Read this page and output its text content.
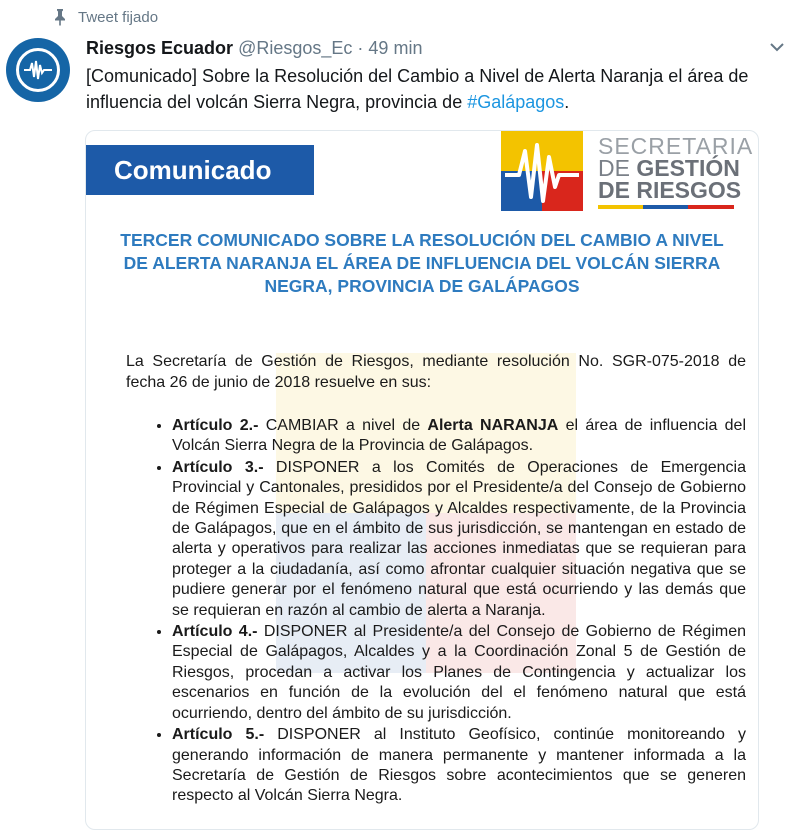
Tweet fijado
Riesgos Ecuador @Riesgos_Ec · 49 min
[Comunicado] Sobre la Resolución del Cambio a Nivel de Alerta Naranja el área de influencia del volcán Sierra Negra, provincia de #Galápagos.
Comunicado
SECRETARIA
DE GESTIÓN
DE RIESGOS
TERCER COMUNICADO SOBRE LA RESOLUCIÓN DEL CAMBIO A NIVEL DE ALERTA NARANJA EL ÁREA DE INFLUENCIA DEL VOLCÁN SIERRA NEGRA, PROVINCIA DE GALÁPAGOS
La Secretaría de Gestión de Riesgos, mediante resolución No. SGR-075-2018 de fecha 26 de junio de 2018 resuelve en sus:
• Artículo 2.- CAMBIAR a nivel de Alerta NARANJA el área de influencia del Volcán Sierra Negra de la Provincia de Galápagos.
• Artículo 3.- DISPONER a los Comités de Operaciones de Emergencia Provincial y Cantonales, presididos por el Presidente/a del Consejo de Gobierno de Régimen Especial de Galápagos y Alcaldes respectivamente, de la Provincia de Galápagos, que en el ámbito de sus jurisdicción, se mantengan en estado de alerta y operativos para realizar las acciones inmediatas que se requieran para proteger a la ciudadanía, así como afrontar cualquier situación negativa que se pudiere generar por el fenómeno natural que está ocurriendo y las demás que se requieran en razón al cambio de alerta a Naranja.
• Artículo 4.- DISPONER al Presidente/a del Consejo de Gobierno de Régimen Especial de Galápagos, Alcaldes y a la Coordinación Zonal 5 de Gestión de Riesgos, procedan a activar los Planes de Contingencia y actualizar los escenarios en función de la evolución del el fenómeno natural que está ocurriendo, dentro del ámbito de su jurisdicción.
• Artículo 5.- DISPONER al Instituto Geofísico, continúe monitoreando y generando información de manera permanente y mantener informada a la Secretaría de Gestión de Riesgos sobre acontecimientos que se generen respecto al Volcán Sierra Negra.
